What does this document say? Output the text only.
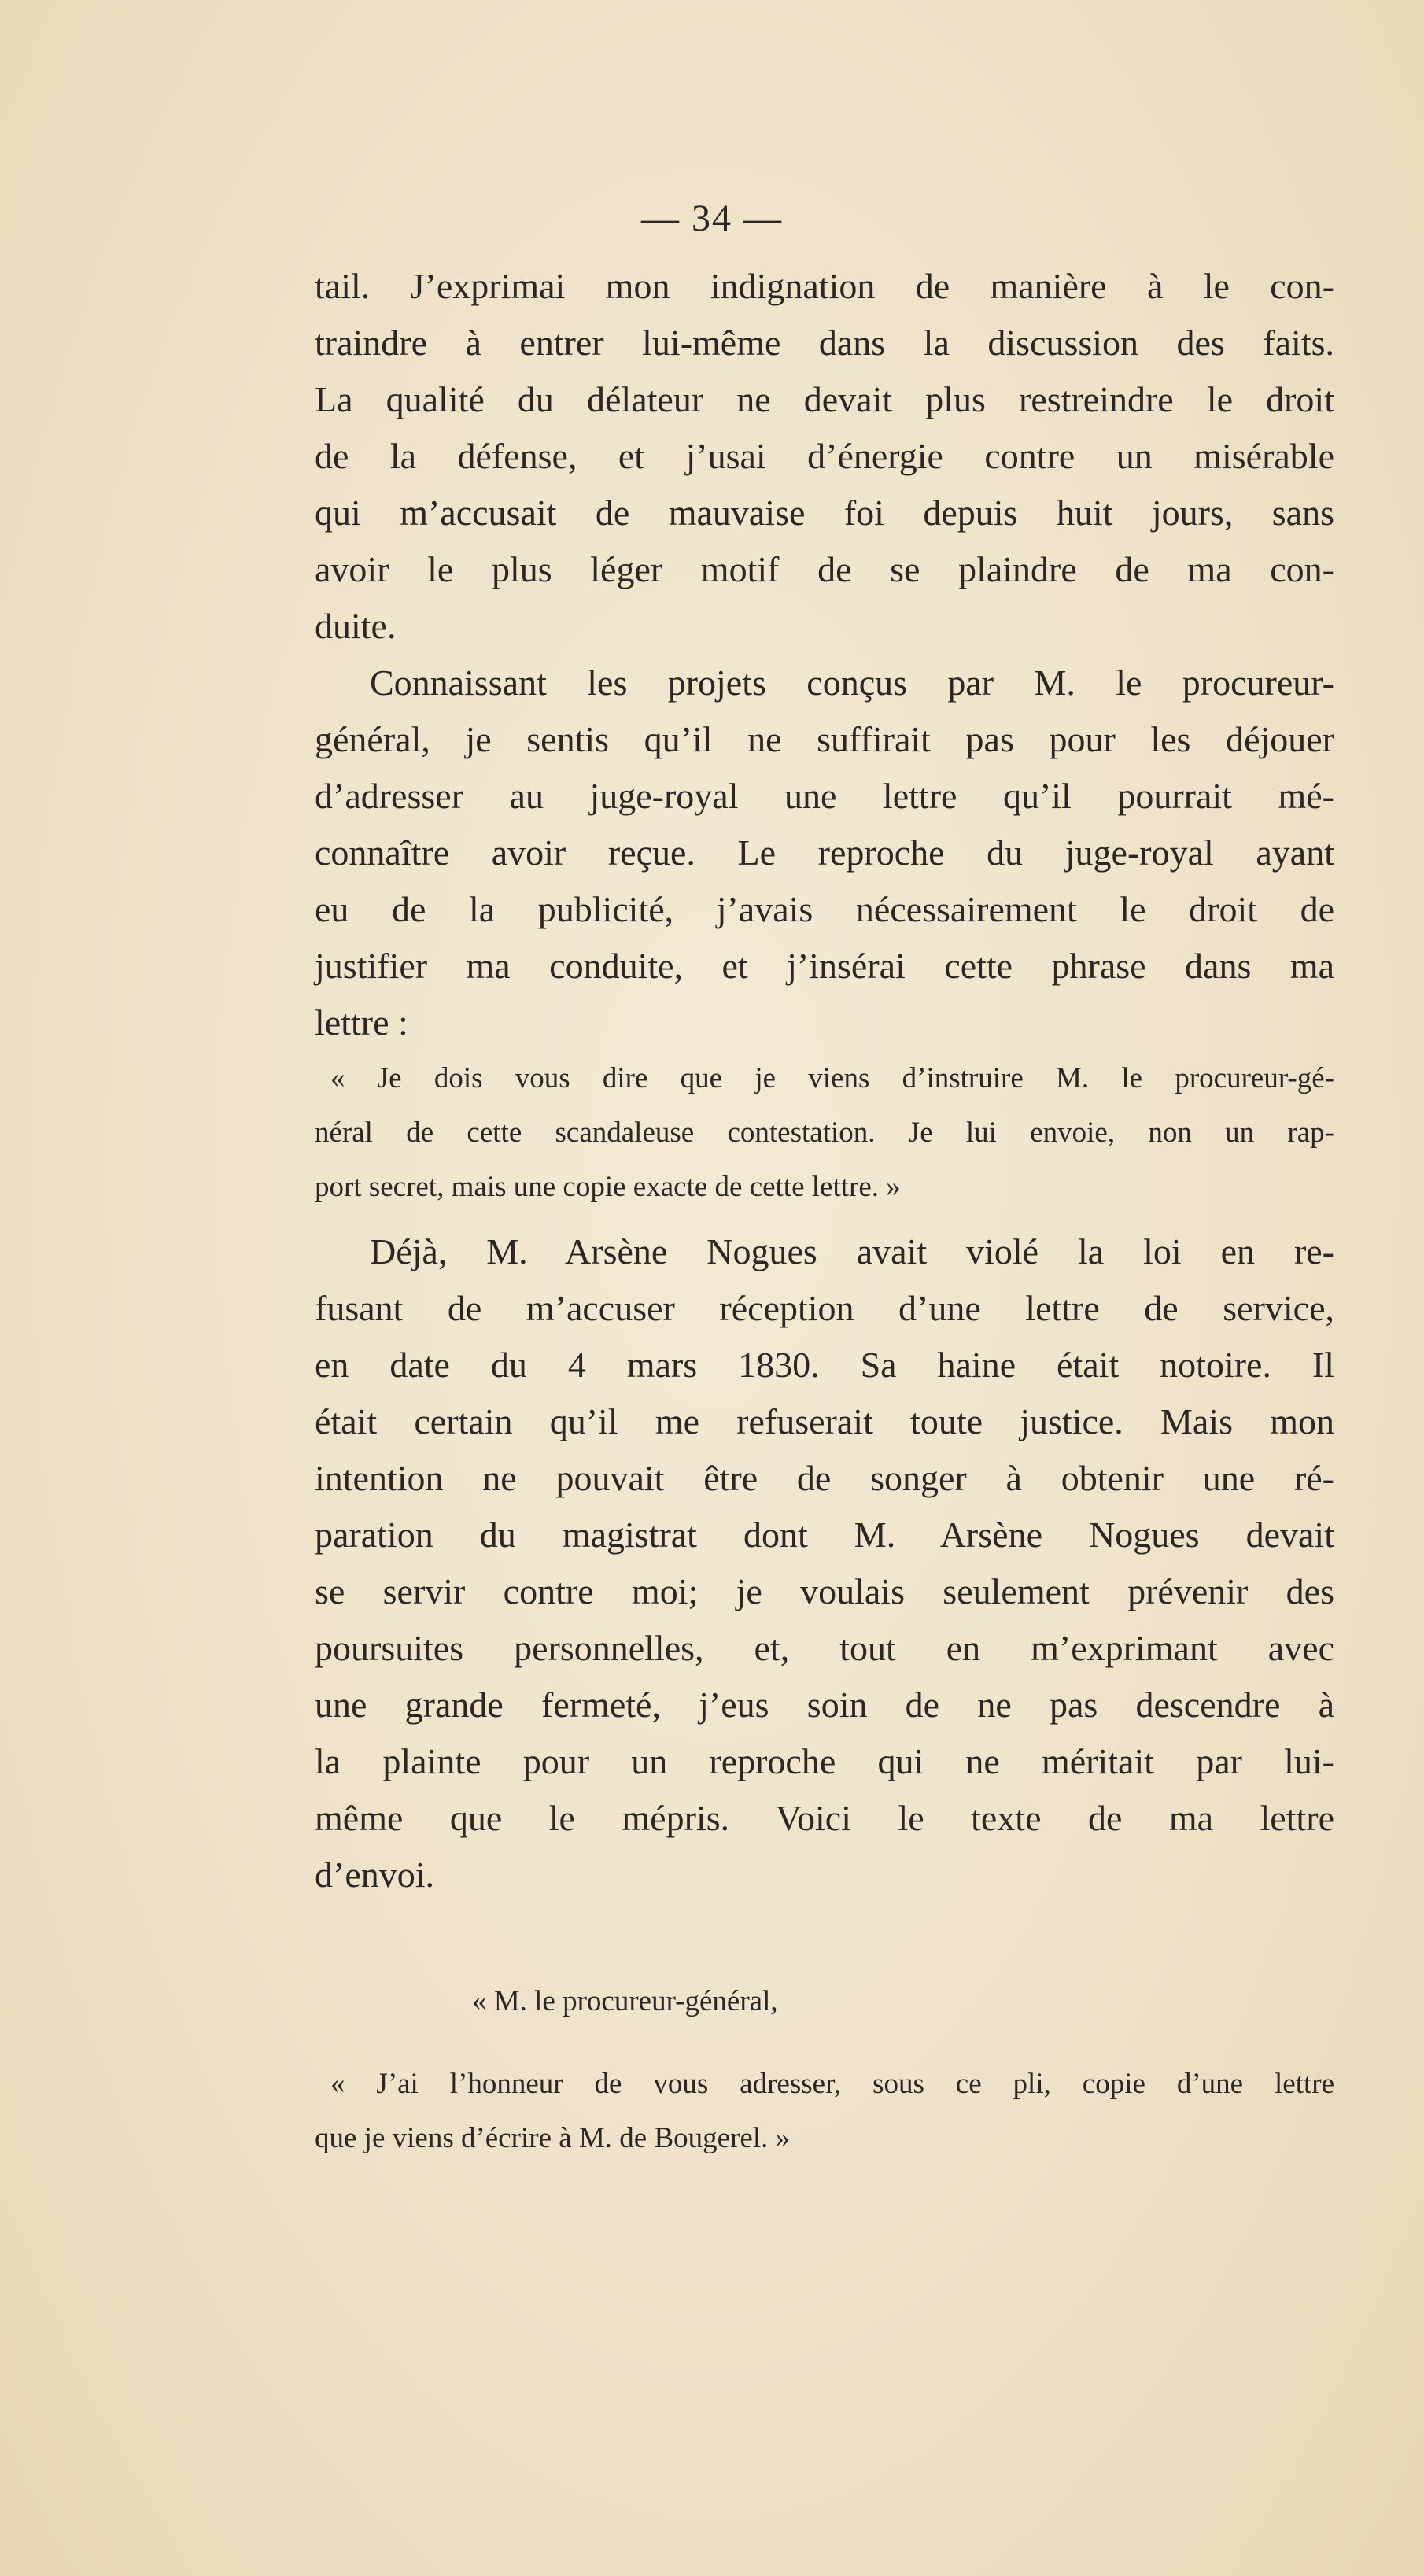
— 34 —
tail. J’exprimai mon indignation de manière à le con-
traindre à entrer lui-même dans la discussion des faits.
La qualité du délateur ne devait plus restreindre le droit
de la défense, et j’usai d’énergie contre un misérable
qui m’accusait de mauvaise foi depuis huit jours, sans
avoir le plus léger motif de se plaindre de ma con-
duite.
Connaissant les projets conçus par M. le procureur-
général, je sentis qu’il ne suffirait pas pour les déjouer
d’adresser au juge-royal une lettre qu’il pourrait mé-
connaître avoir reçue. Le reproche du juge-royal ayant
eu de la publicité, j’avais nécessairement le droit de
justifier ma conduite, et j’insérai cette phrase dans ma
lettre :
« Je dois vous dire que je viens d’instruire M. le procureur-gé-
néral de cette scandaleuse contestation. Je lui envoie, non un rap-
port secret, mais une copie exacte de cette lettre. »
Déjà, M. Arsène Nogues avait violé la loi en re-
fusant de m’accuser réception d’une lettre de service,
en date du 4 mars 1830. Sa haine était notoire. Il
était certain qu’il me refuserait toute justice. Mais mon
intention ne pouvait être de songer à obtenir une ré-
paration du magistrat dont M. Arsène Nogues devait
se servir contre moi; je voulais seulement prévenir des
poursuites personnelles, et, tout en m’exprimant avec
une grande fermeté, j’eus soin de ne pas descendre à
la plainte pour un reproche qui ne méritait par lui-
même que le mépris. Voici le texte de ma lettre
d’envoi.
« M. le procureur-général,
« J’ai l’honneur de vous adresser, sous ce pli, copie d’une lettre
que je viens d’écrire à M. de Bougerel. »
